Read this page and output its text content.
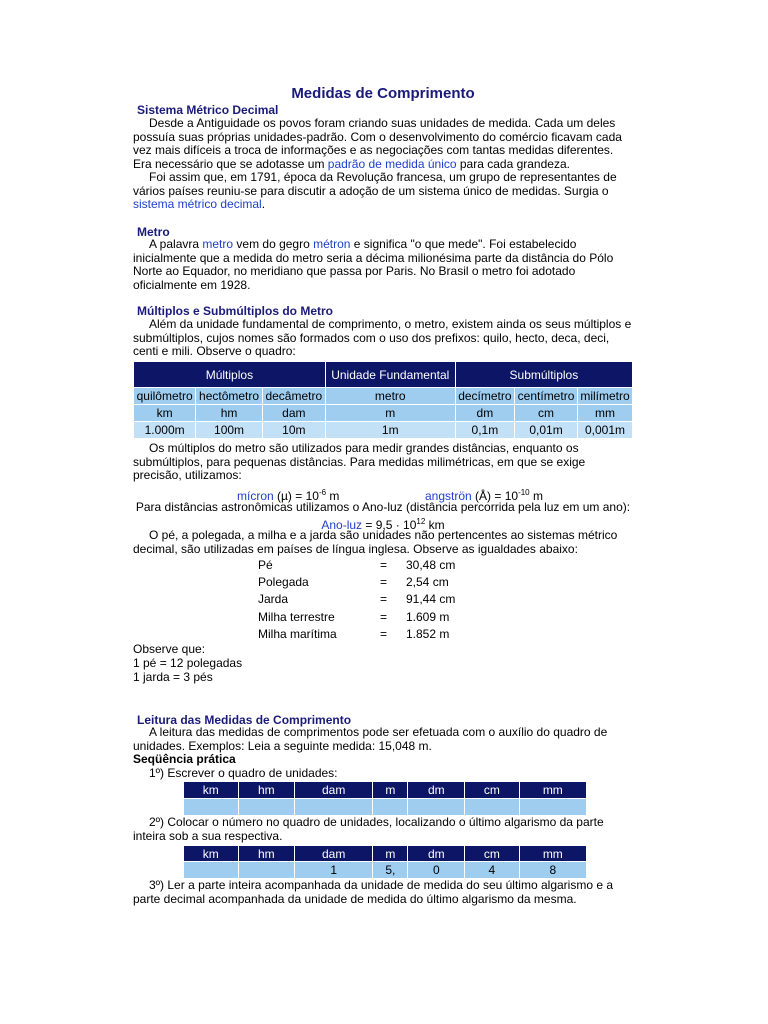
Medidas de Comprimento
Sistema Métrico Decimal
Desde a Antiguidade os povos foram criando suas unidades de medida. Cada um deles possuía suas próprias unidades-padrão. Com o desenvolvimento do comércio ficavam cada vez mais difíceis a troca de informações e as negociações com tantas medidas diferentes. Era necessário que se adotasse um padrão de medida único para cada grandeza.
Foi assim que, em 1791, época da Revolução francesa, um grupo de representantes de vários países reuniu-se para discutir a adoção de um sistema único de medidas. Surgia o sistema métrico decimal.
Metro
A palavra metro vem do gegro métron e significa "o que mede". Foi estabelecido inicialmente que a medida do metro seria a décima milionésima parte da distância do Pólo Norte ao Equador, no meridiano que passa por Paris. No Brasil o metro foi adotado oficialmente em 1928.
Múltiplos e Submúltiplos do Metro
Além da unidade fundamental de comprimento, o metro, existem ainda os seus múltiplos e submúltiplos, cujos nomes são formados com o uso dos prefixos: quilo, hecto, deca, deci, centi e mili. Observe o quadro:
Múltiplos			Unidade Fundamental	Submúltiplos		
quilômetro	hectômetro	decâmetro	metro	decímetro	centímetro	milímetro
km	hm	dam	m	dm	cm	mm
1.000m	100m	10m	1m	0,1m	0,01m	0,001m
Os múltiplos do metro são utilizados para medir grandes distâncias, enquanto os submúltiplos, para pequenas distâncias. Para medidas milimétricas, em que se exige precisão, utilizamos:
mícron $(\mu) = 10^{-6}$ m	angströn (Å) = $10^{-10}$ m
Para distâncias astronômicas utilizamos o Ano-luz (distância percorrida pela luz em um ano):
$Ano-luz = 9,5 \cdot 10^{12}$ km
O pé, a polegada, a milha e a jarda são unidades não pertencentes ao sistemas métrico decimal, são utilizadas em países de língua inglesa. Observe as igualdades abaixo:
Pé	= 30,48 cm
Polegada	= 2,54 cm
Jarda	= 91,44 cm
Milha terrestre	= 1.609 m
Milha marítima	= 1.852 m
Observe que:
1 pé = 12 polegadas
1 jarda = 3 pés
Leitura das Medidas de Comprimento
A leitura das medidas de comprimentos pode ser efetuada com o auxílio do quadro de unidades. Exemplos: Leia a seguinte medida: 15,048 m.
Seqüência prática
1º) Escrever o quadro de unidades:
km	hm	dam	m	dm	cm	mm

2º) Colocar o número no quadro de unidades, localizando o último algarismo da parte inteira sob a sua respectiva.
km	hm	dam	m	dm	cm	mm
		1	5,	0	4	8
3º) Ler a parte inteira acompanhada da unidade de medida do seu último algarismo e a parte decimal acompanhada da unidade de medida do último algarismo da mesma.
